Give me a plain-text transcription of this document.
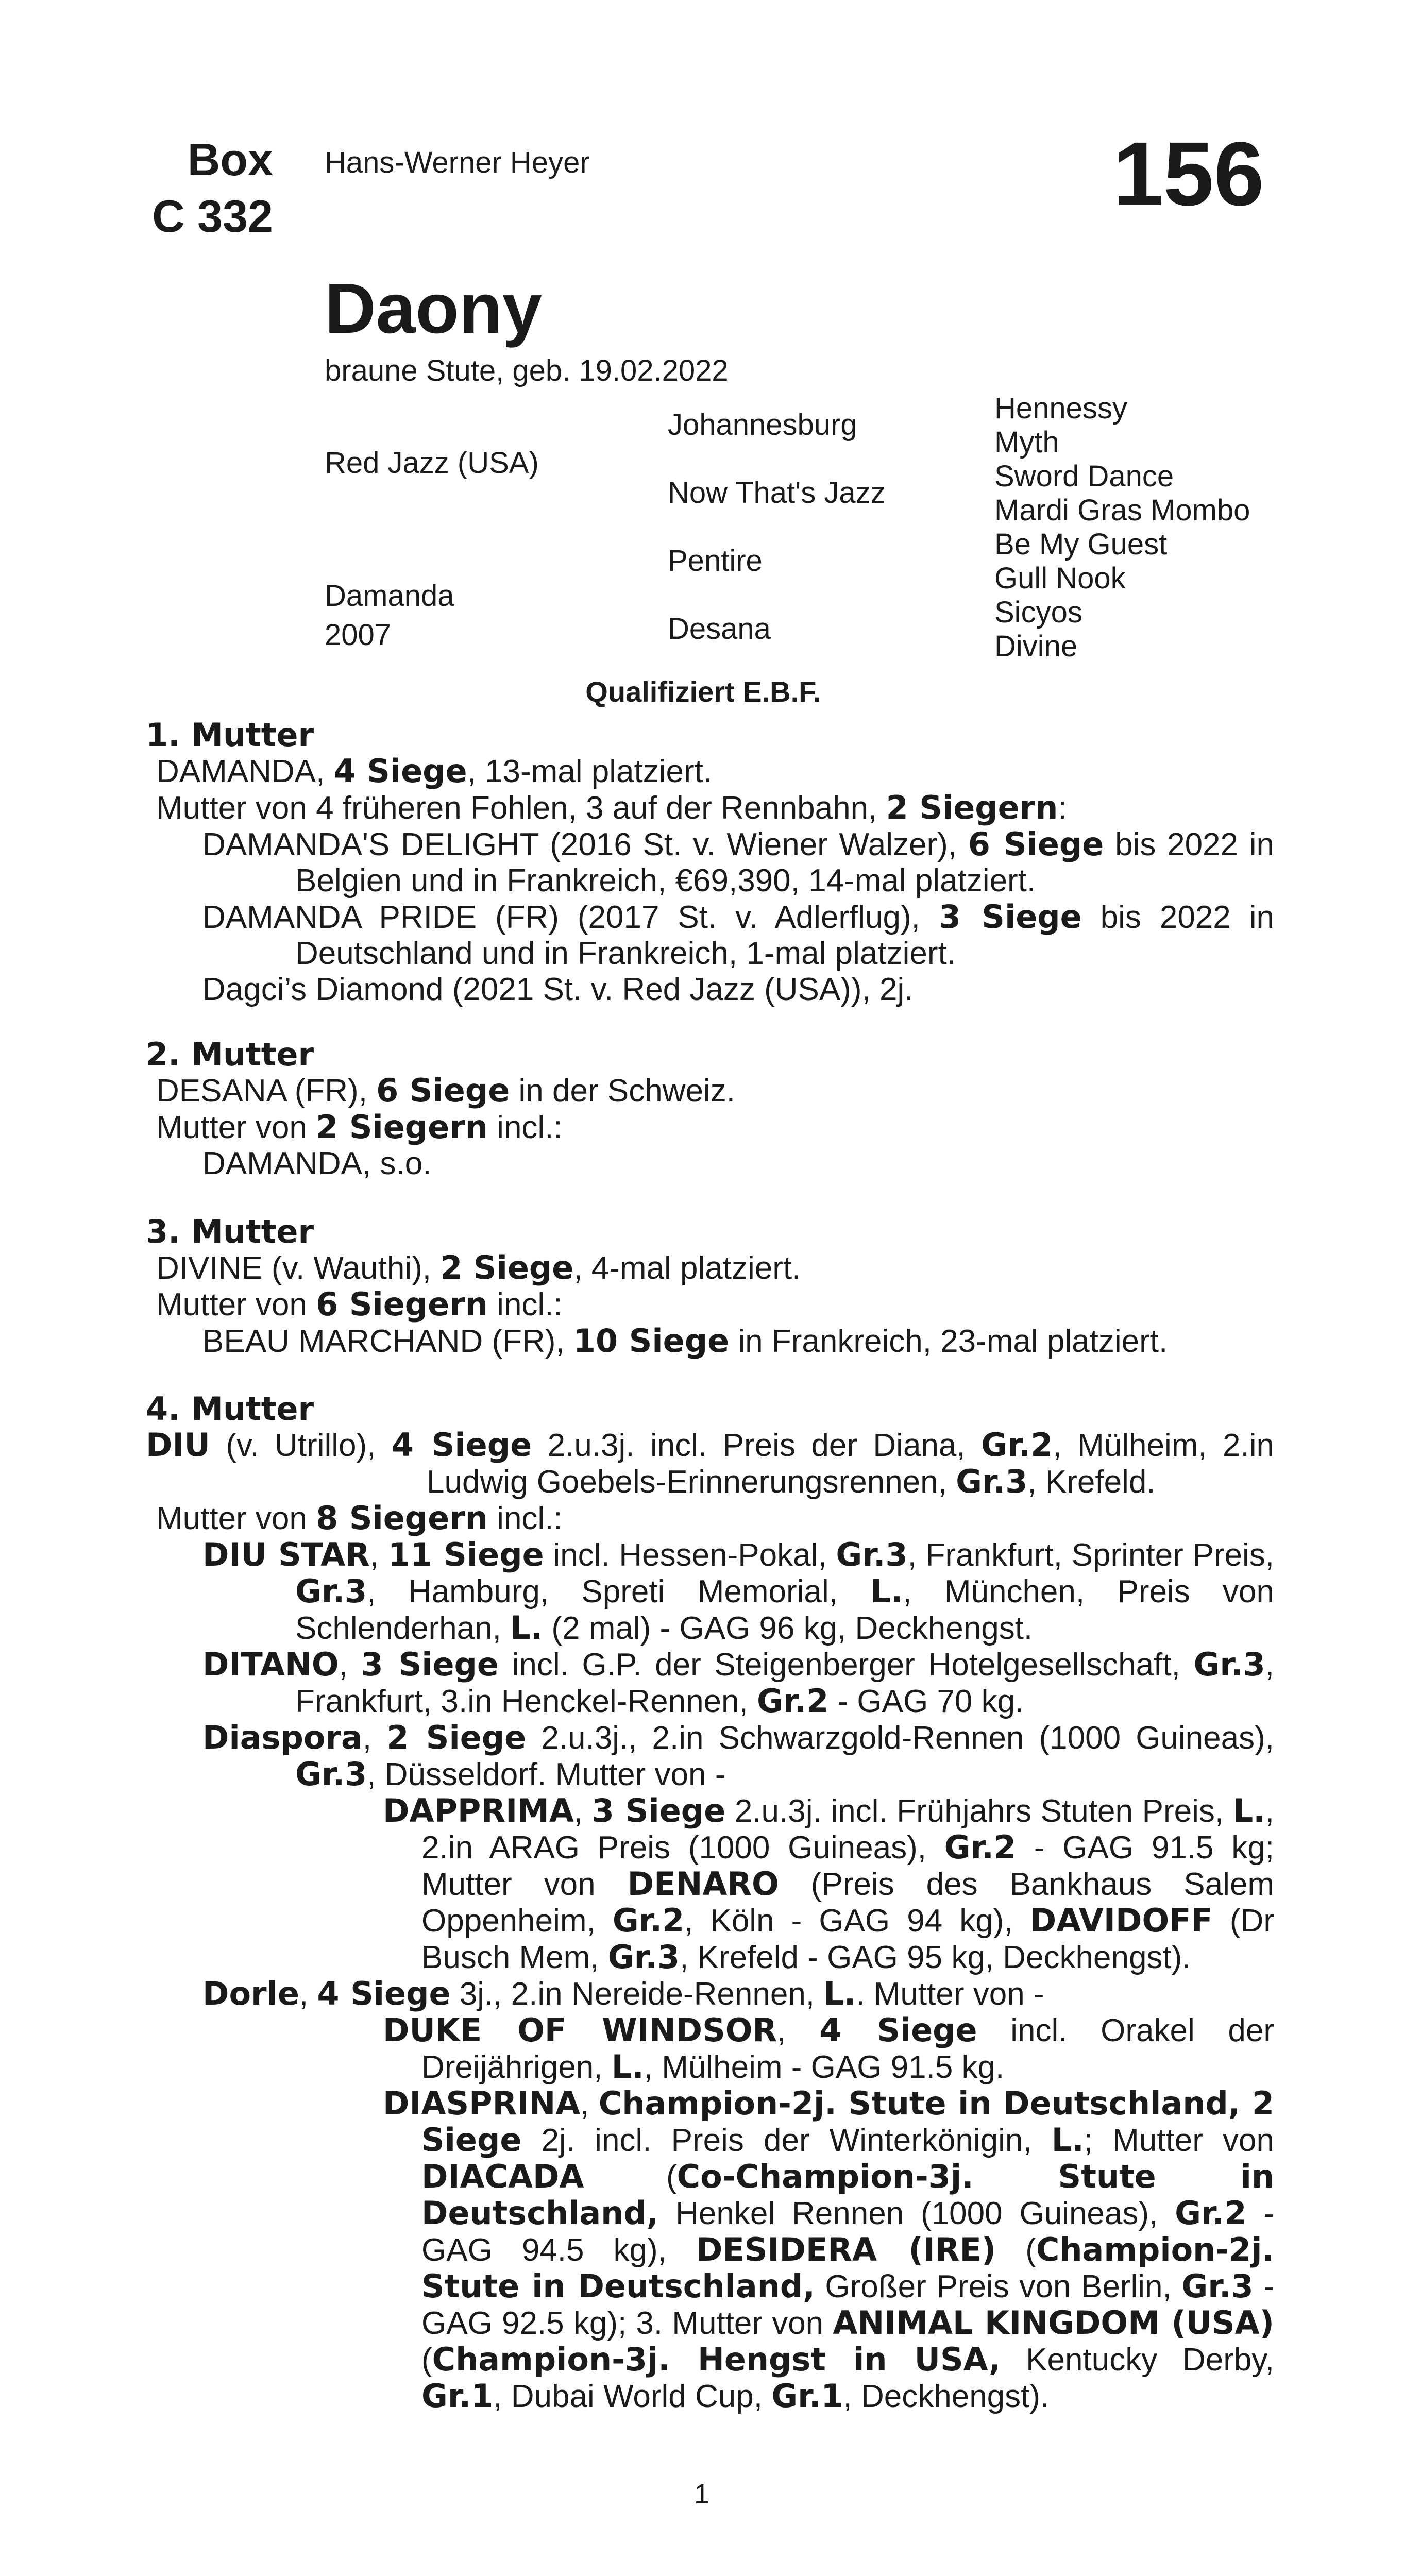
Box
C 332
Hans-Werner Heyer	156
Daony
braune Stute, geb. 19.02.2022
Red Jazz (USA)
Damanda
2007
Johannesburg
Now That's Jazz
Pentire
Desana
Hennessy
Myth
Sword Dance
Mardi Gras Mombo
Be My Guest
Gull Nook
Sicyos
Divine
Qualifiziert E.B.F.
1. Mutter
DAMANDA, 4 Siege, 13-mal platziert.
Mutter von 4 früheren Fohlen, 3 auf der Rennbahn, 2 Siegern:
DAMANDA'S DELIGHT (2016 St. v. Wiener Walzer), 6 Siege bis 2022 in Belgien und in Frankreich, €69,390, 14-mal platziert.
DAMANDA PRIDE (FR) (2017 St. v. Adlerflug), 3 Siege bis 2022 in Deutschland und in Frankreich, 1-mal platziert.
Dagci’s Diamond (2021 St. v. Red Jazz (USA)), 2j.
2. Mutter
DESANA (FR), 6 Siege in der Schweiz.
Mutter von 2 Siegern incl.:
DAMANDA, s.o.
3. Mutter
DIVINE (v. Wauthi), 2 Siege, 4-mal platziert.
Mutter von 6 Siegern incl.:
BEAU MARCHAND (FR), 10 Siege in Frankreich, 23-mal platziert.
4. Mutter
DIU (v. Utrillo), 4 Siege 2.u.3j. incl. Preis der Diana, Gr.2, Mülheim, 2.in Ludwig Goebels-Erinnerungsrennen, Gr.3, Krefeld.
Mutter von 8 Siegern incl.:
DIU STAR, 11 Siege incl. Hessen-Pokal, Gr.3, Frankfurt, Sprinter Preis, Gr.3, Hamburg, Spreti Memorial, L., München, Preis von Schlenderhan, L. (2 mal) - GAG 96 kg, Deckhengst.
DITANO, 3 Siege incl. G.P. der Steigenberger Hotelgesellschaft, Gr.3, Frankfurt, 3.in Henckel-Rennen, Gr.2 - GAG 70 kg.
Diaspora, 2 Siege 2.u.3j., 2.in Schwarzgold-Rennen (1000 Guineas), Gr.3, Düsseldorf. Mutter von -
DAPPRIMA, 3 Siege 2.u.3j. incl. Frühjahrs Stuten Preis, L., 2.in ARAG Preis (1000 Guineas), Gr.2 - GAG 91.5 kg; Mutter von DENARO (Preis des Bankhaus Salem Oppenheim, Gr.2, Köln - GAG 94 kg), DAVIDOFF (Dr Busch Mem, Gr.3, Krefeld - GAG 95 kg, Deckhengst).
Dorle, 4 Siege 3j., 2.in Nereide-Rennen, L.. Mutter von -
DUKE OF WINDSOR, 4 Siege incl. Orakel der Dreijährigen, L., Mülheim - GAG 91.5 kg.
DIASPRINA, Champion-2j. Stute in Deutschland, 2 Siege 2j. incl. Preis der Winterkönigin, L.; Mutter von DIACADA (Co-Champion-3j. Stute in Deutschland, Henkel Rennen (1000 Guineas), Gr.2 - GAG 94.5 kg), DESIDERA (IRE) (Champion-2j. Stute in Deutschland, Großer Preis von Berlin, Gr.3 - GAG 92.5 kg); 3. Mutter von ANIMAL KINGDOM (USA) (Champion-3j. Hengst in USA, Kentucky Derby, Gr.1, Dubai World Cup, Gr.1, Deckhengst).
1
